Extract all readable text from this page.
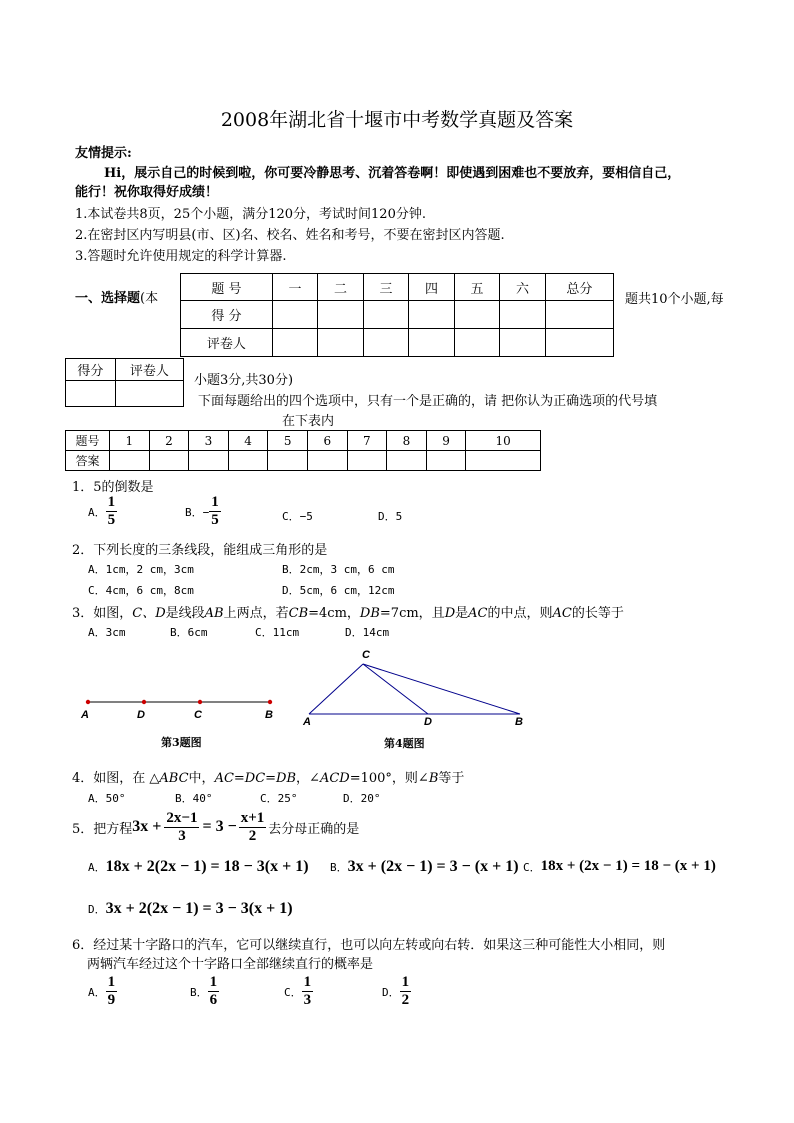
2008年湖北省十堰市中考数学真题及答案
友情提示:
Hi，展示自己的时候到啦，你可要冷静思考、沉着答卷啊！即使遇到困难也不要放弃，要相信自己，
能行！祝你取得好成绩！
1.本试卷共8页，25个小题，满分120分，考试时间120分钟.
2.在密封区内写明县(市、区)名、校名、姓名和考号，不要在密封区内答题.
3.答题时允许使用规定的科学计算器.
一、选择题(本
题 号	一	二	三	四	五	六	总分
得 分							
评卷人							
题共10个小题,每
得分	评卷人

小题3分,共30分)
下面每题给出的四个选项中，只有一个是正确的，请 把你认为正确选项的代号填
在下表内
题号	1	2	3	4	5	6	7	8	9	10
答案										
1．5的倒数是
A． $\frac{1}{5}$	B．− $\frac{1}{5}$	C．−5	D．5
2．下列长度的三条线段，能组成三角形的是
A．1cm，2 cm，3cm	B．2cm，3 cm，6 cm
C．4cm，6 cm，8cm	D．5cm，6 cm，12cm
3．如图，C、D是线段AB上两点，若CB=4cm，DB=7cm，且D是AC的中点，则AC的长等于
A．3cm	B．6cm	C．11cm	D．14cm
A	D	C	B
第3题图
C
A	D	B
第4题图
4．如图，在 △ABC中，AC=DC=DB，∠ACD=100°，则∠B等于
A．50°	B．40°	C．25°	D．20°
5．把方程 $3x + \frac{2x-1}{3} = 3 - \frac{x+1}{2}$ 去分母正确的是
A． 18x + 2(2x − 1) = 18 − 3(x + 1) B． 3x + (2x − 1) = 3 − (x + 1) C． 18x + (2x − 1) = 18 − (x + 1)
D． 3x + 2(2x − 1) = 3 − 3(x + 1)
6．经过某十字路口的汽车，它可以继续直行，也可以向左转或向右转．如果这三种可能性大小相同，则
两辆汽车经过这个十字路口全部继续直行的概率是
A． $\frac{1}{9}$	B． $\frac{1}{6}$	C． $\frac{1}{3}$	D． $\frac{1}{2}$
